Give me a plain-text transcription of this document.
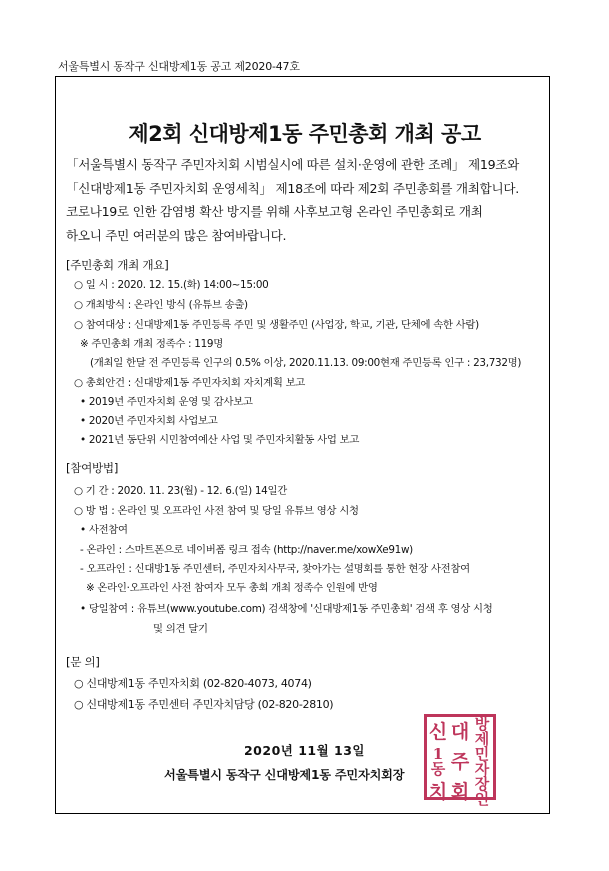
서울특별시 동작구 신대방제1동 공고 제2020-47호
제2회 신대방제1동 주민총회 개최 공고
「서울특별시 동작구 주민자치회 시범실시에 따른 설치·운영에 관한 조례」 제19조와
「신대방제1동 주민자치회 운영세칙」 제18조에 따라 제2회 주민총회를 개최합니다.
코로나19로 인한 감염병 확산 방지를 위해 사후보고형 온라인 주민총회로 개최
하오니 주민 여러분의 많은 참여바랍니다.
[주민총회 개최 개요]
○ 일 시 : 2020. 12. 15.(화) 14:00~15:00
○ 개최방식 : 온라인 방식 (유튜브 송출)
○ 참여대상 : 신대방제1동 주민등록 주민 및 생활주민 (사업장, 학교, 기관, 단체에 속한 사람)
※ 주민총회 개최 정족수 : 119명
(개최일 한달 전 주민등록 인구의 0.5% 이상, 2020.11.13. 09:00현재 주민등록 인구 : 23,732명)
○ 총회안건 : 신대방제1동 주민자치회 자치계획 보고
• 2019년 주민자치회 운영 및 감사보고
• 2020년 주민자치회 사업보고
• 2021년 동단위 시민참여예산 사업 및 주민자치활동 사업 보고
[참여방법]
○ 기 간 : 2020. 11. 23(월) - 12. 6.(일) 14일간
○ 방 법 : 온라인 및 오프라인 사전 참여 및 당일 유튜브 영상 시청
• 사전참여
- 온라인 : 스마트폰으로 네이버폼 링크 접속 (http://naver.me/xowXe91w)
- 오프라인 : 신대방1동 주민센터, 주민자치사무국, 찾아가는 설명회를 통한 현장 사전참여
※ 온라인·오프라인 사전 참여자 모두 총회 개최 정족수 인원에 반영
• 당일참여 : 유튜브(www.youtube.com) 검색창에 '신대방제1동 주민총회' 검색 후 영상 시청
및 의견 달기
[문 의]
○ 신대방제1동 주민자치회 (02-820-4073, 4074)
○ 신대방제1동 주민센터 주민자치담당 (02-820-2810)
2020년 11월 13일
서울특별시 동작구 신대방제1동 주민자치회장
신 대 방
제
1
동 주 민
자
치 회 장
인
